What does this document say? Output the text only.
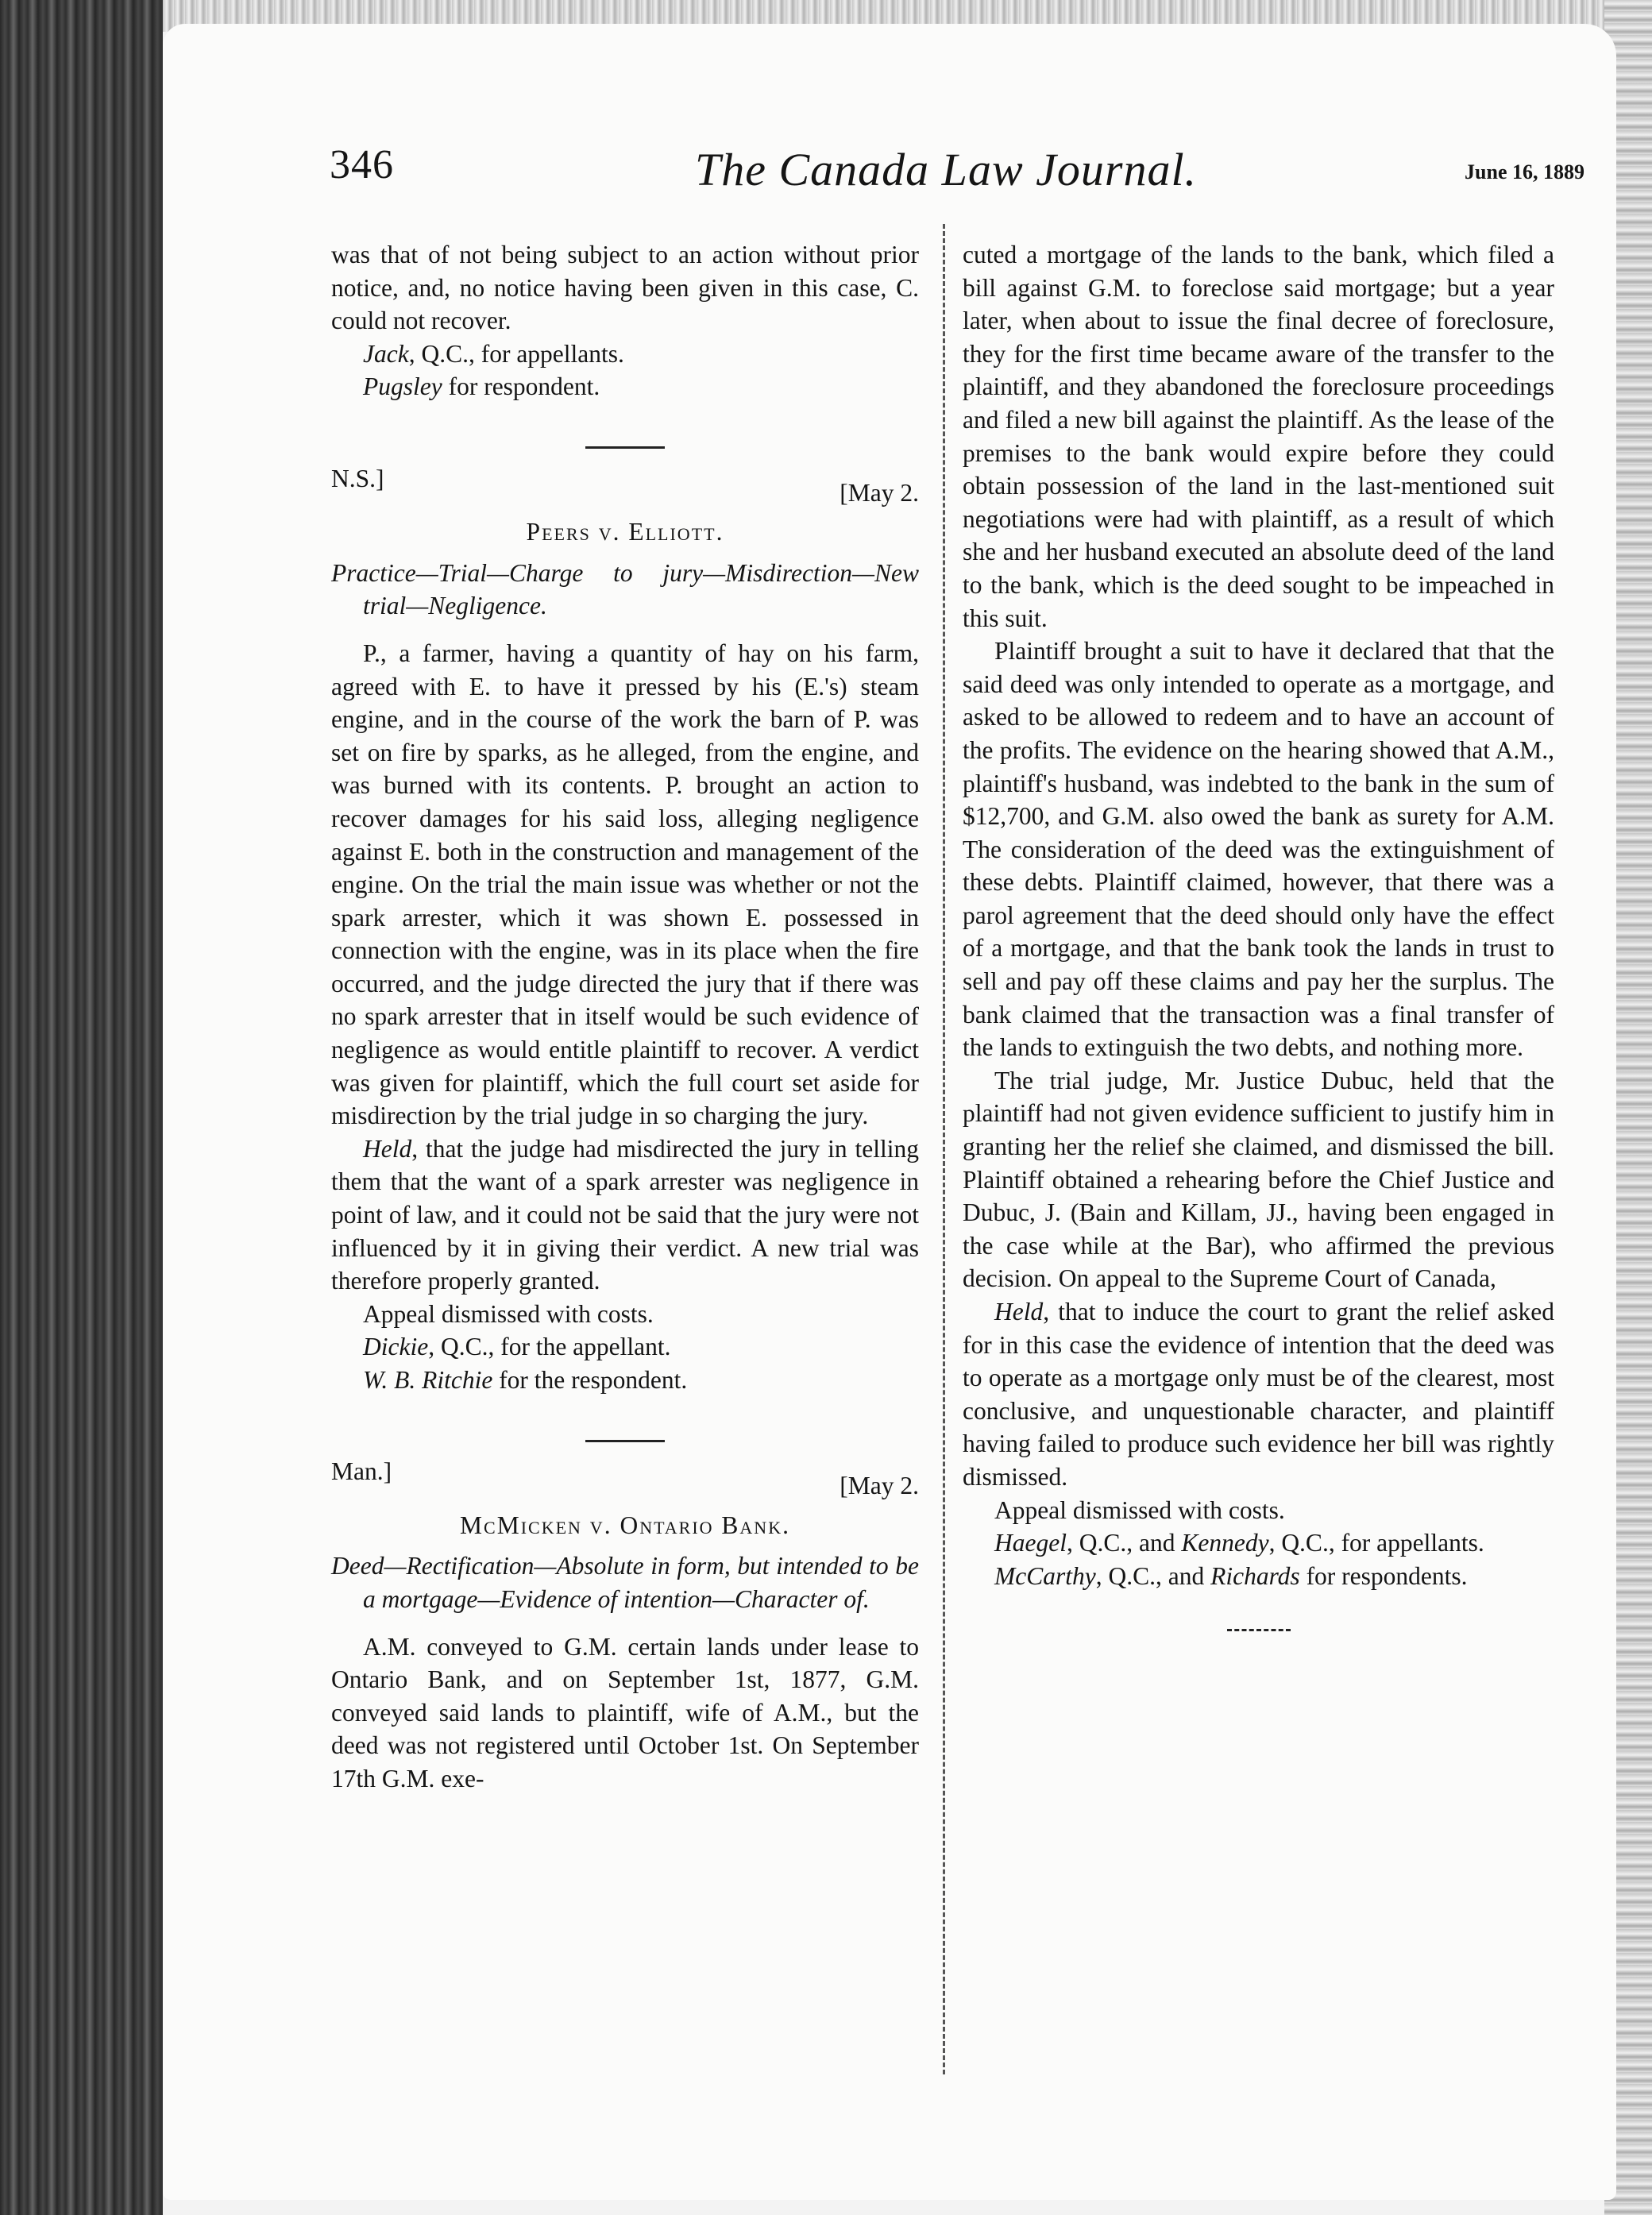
346	The Canada Law Journal.	June 16, 1889

was that of not being subject to an action without prior notice, and, no notice having been given in this case, C. could not recover.

Jack, Q.C., for appellants.

Pugsley for respondent.

N.S.]
[May 2.

Peers v. Elliott.

Practice—Trial—Charge to jury—Misdirection—New trial—Negligence.

P., a farmer, having a quantity of hay on his farm, agreed with E. to have it pressed by his (E.'s) steam engine, and in the course of the work the barn of P. was set on fire by sparks, as he alleged, from the engine, and was burned with its contents. P. brought an action to recover damages for his said loss, alleging negligence against E. both in the construction and management of the engine. On the trial the main issue was whether or not the spark arrester, which it was shown E. possessed in connection with the engine, was in its place when the fire occurred, and the judge directed the jury that if there was no spark arrester that in itself would be such evidence of negligence as would entitle plaintiff to recover. A verdict was given for plaintiff, which the full court set aside for misdirection by the trial judge in so charging the jury.

Held, that the judge had misdirected the jury in telling them that the want of a spark arrester was negligence in point of law, and it could not be said that the jury were not influenced by it in giving their verdict. A new trial was therefore properly granted.

Appeal dismissed with costs.

Dickie, Q.C., for the appellant.

W. B. Ritchie for the respondent.

Man.]
[May 2.

McMicken v. Ontario Bank.

Deed—Rectification—Absolute in form, but intended to be a mortgage—Evidence of intention—Character of.

A.M. conveyed to G.M. certain lands under lease to Ontario Bank, and on September 1st, 1877, G.M. conveyed said lands to plaintiff, wife of A.M., but the deed was not registered until October 1st. On September 17th G.M. exe-

cuted a mortgage of the lands to the bank, which filed a bill against G.M. to foreclose said mortgage; but a year later, when about to issue the final decree of foreclosure, they for the first time became aware of the transfer to the plaintiff, and they abandoned the foreclosure proceedings and filed a new bill against the plaintiff. As the lease of the premises to the bank would expire before they could obtain possession of the land in the last-mentioned suit negotiations were had with plaintiff, as a result of which she and her husband executed an absolute deed of the land to the bank, which is the deed sought to be impeached in this suit.

Plaintiff brought a suit to have it declared that that the said deed was only intended to operate as a mortgage, and asked to be allowed to redeem and to have an account of the profits. The evidence on the hearing showed that A.M., plaintiff's husband, was indebted to the bank in the sum of $12,700, and G.M. also owed the bank as surety for A.M. The consideration of the deed was the extinguishment of these debts. Plaintiff claimed, however, that there was a parol agreement that the deed should only have the effect of a mortgage, and that the bank took the lands in trust to sell and pay off these claims and pay her the surplus. The bank claimed that the transaction was a final transfer of the lands to extinguish the two debts, and nothing more.

The trial judge, Mr. Justice Dubuc, held that the plaintiff had not given evidence sufficient to justify him in granting her the relief she claimed, and dismissed the bill. Plaintiff obtained a rehearing before the Chief Justice and Dubuc, J. (Bain and Killam, JJ., having been engaged in the case while at the Bar), who affirmed the previous decision. On appeal to the Supreme Court of Canada,

Held, that to induce the court to grant the relief asked for in this case the evidence of intention that the deed was to operate as a mortgage only must be of the clearest, most conclusive, and unquestionable character, and plaintiff having failed to produce such evidence her bill was rightly dismissed.

Appeal dismissed with costs.

Haegel, Q.C., and Kennedy, Q.C., for appellants.

McCarthy, Q.C., and Richards for respondents.
